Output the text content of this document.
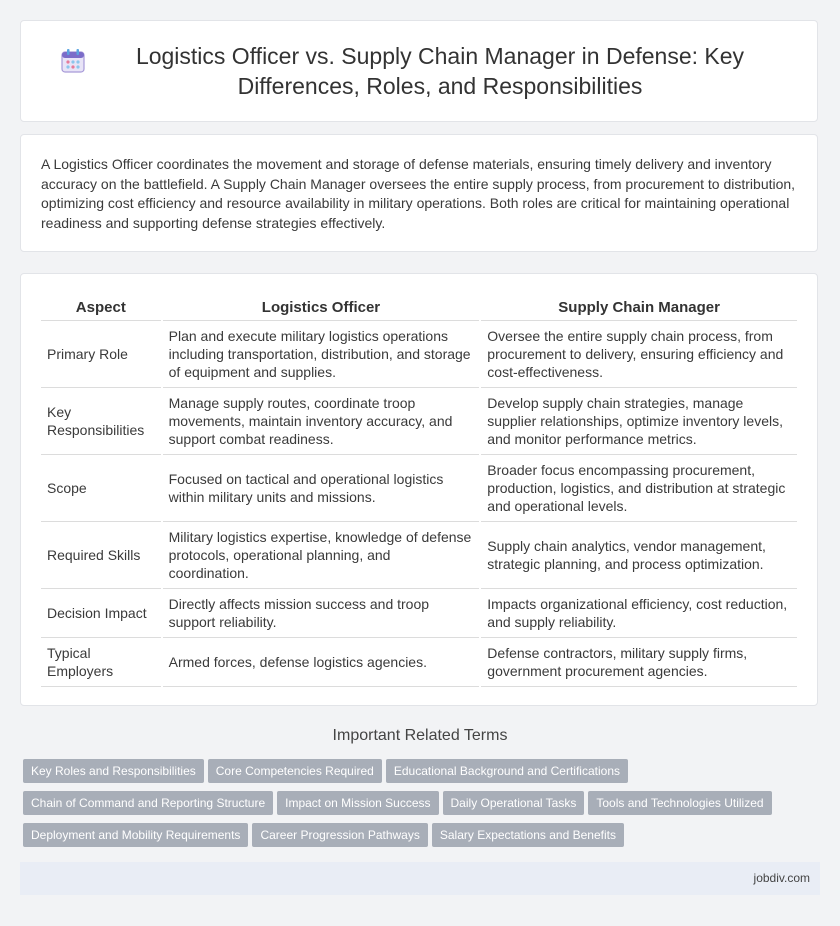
Logistics Officer vs. Supply Chain Manager in Defense: Key Differences, Roles, and Responsibilities

A Logistics Officer coordinates the movement and storage of defense materials, ensuring timely delivery and inventory accuracy on the battlefield. A Supply Chain Manager oversees the entire supply process, from procurement to distribution, optimizing cost efficiency and resource availability in military operations. Both roles are critical for maintaining operational readiness and supporting defense strategies effectively.

Aspect	Logistics Officer	Supply Chain Manager
Primary Role	Plan and execute military logistics operations including transportation, distribution, and storage of equipment and supplies.	Oversee the entire supply chain process, from procurement to delivery, ensuring efficiency and cost-effectiveness.
Key Responsibilities	Manage supply routes, coordinate troop movements, maintain inventory accuracy, and support combat readiness.	Develop supply chain strategies, manage supplier relationships, optimize inventory levels, and monitor performance metrics.
Scope	Focused on tactical and operational logistics within military units and missions.	Broader focus encompassing procurement, production, logistics, and distribution at strategic and operational levels.
Required Skills	Military logistics expertise, knowledge of defense protocols, operational planning, and coordination.	Supply chain analytics, vendor management, strategic planning, and process optimization.
Decision Impact	Directly affects mission success and troop support reliability.	Impacts organizational efficiency, cost reduction, and supply reliability.
Typical Employers	Armed forces, defense logistics agencies.	Defense contractors, military supply firms, government procurement agencies.
Important Related Terms
Key Roles and Responsibilities Core Competencies Required Educational Background and Certifications
Chain of Command and Reporting Structure Impact on Mission Success Daily Operational Tasks Tools and Technologies Utilized
Deployment and Mobility Requirements Career Progression Pathways Salary Expectations and Benefits
jobdiv.com
